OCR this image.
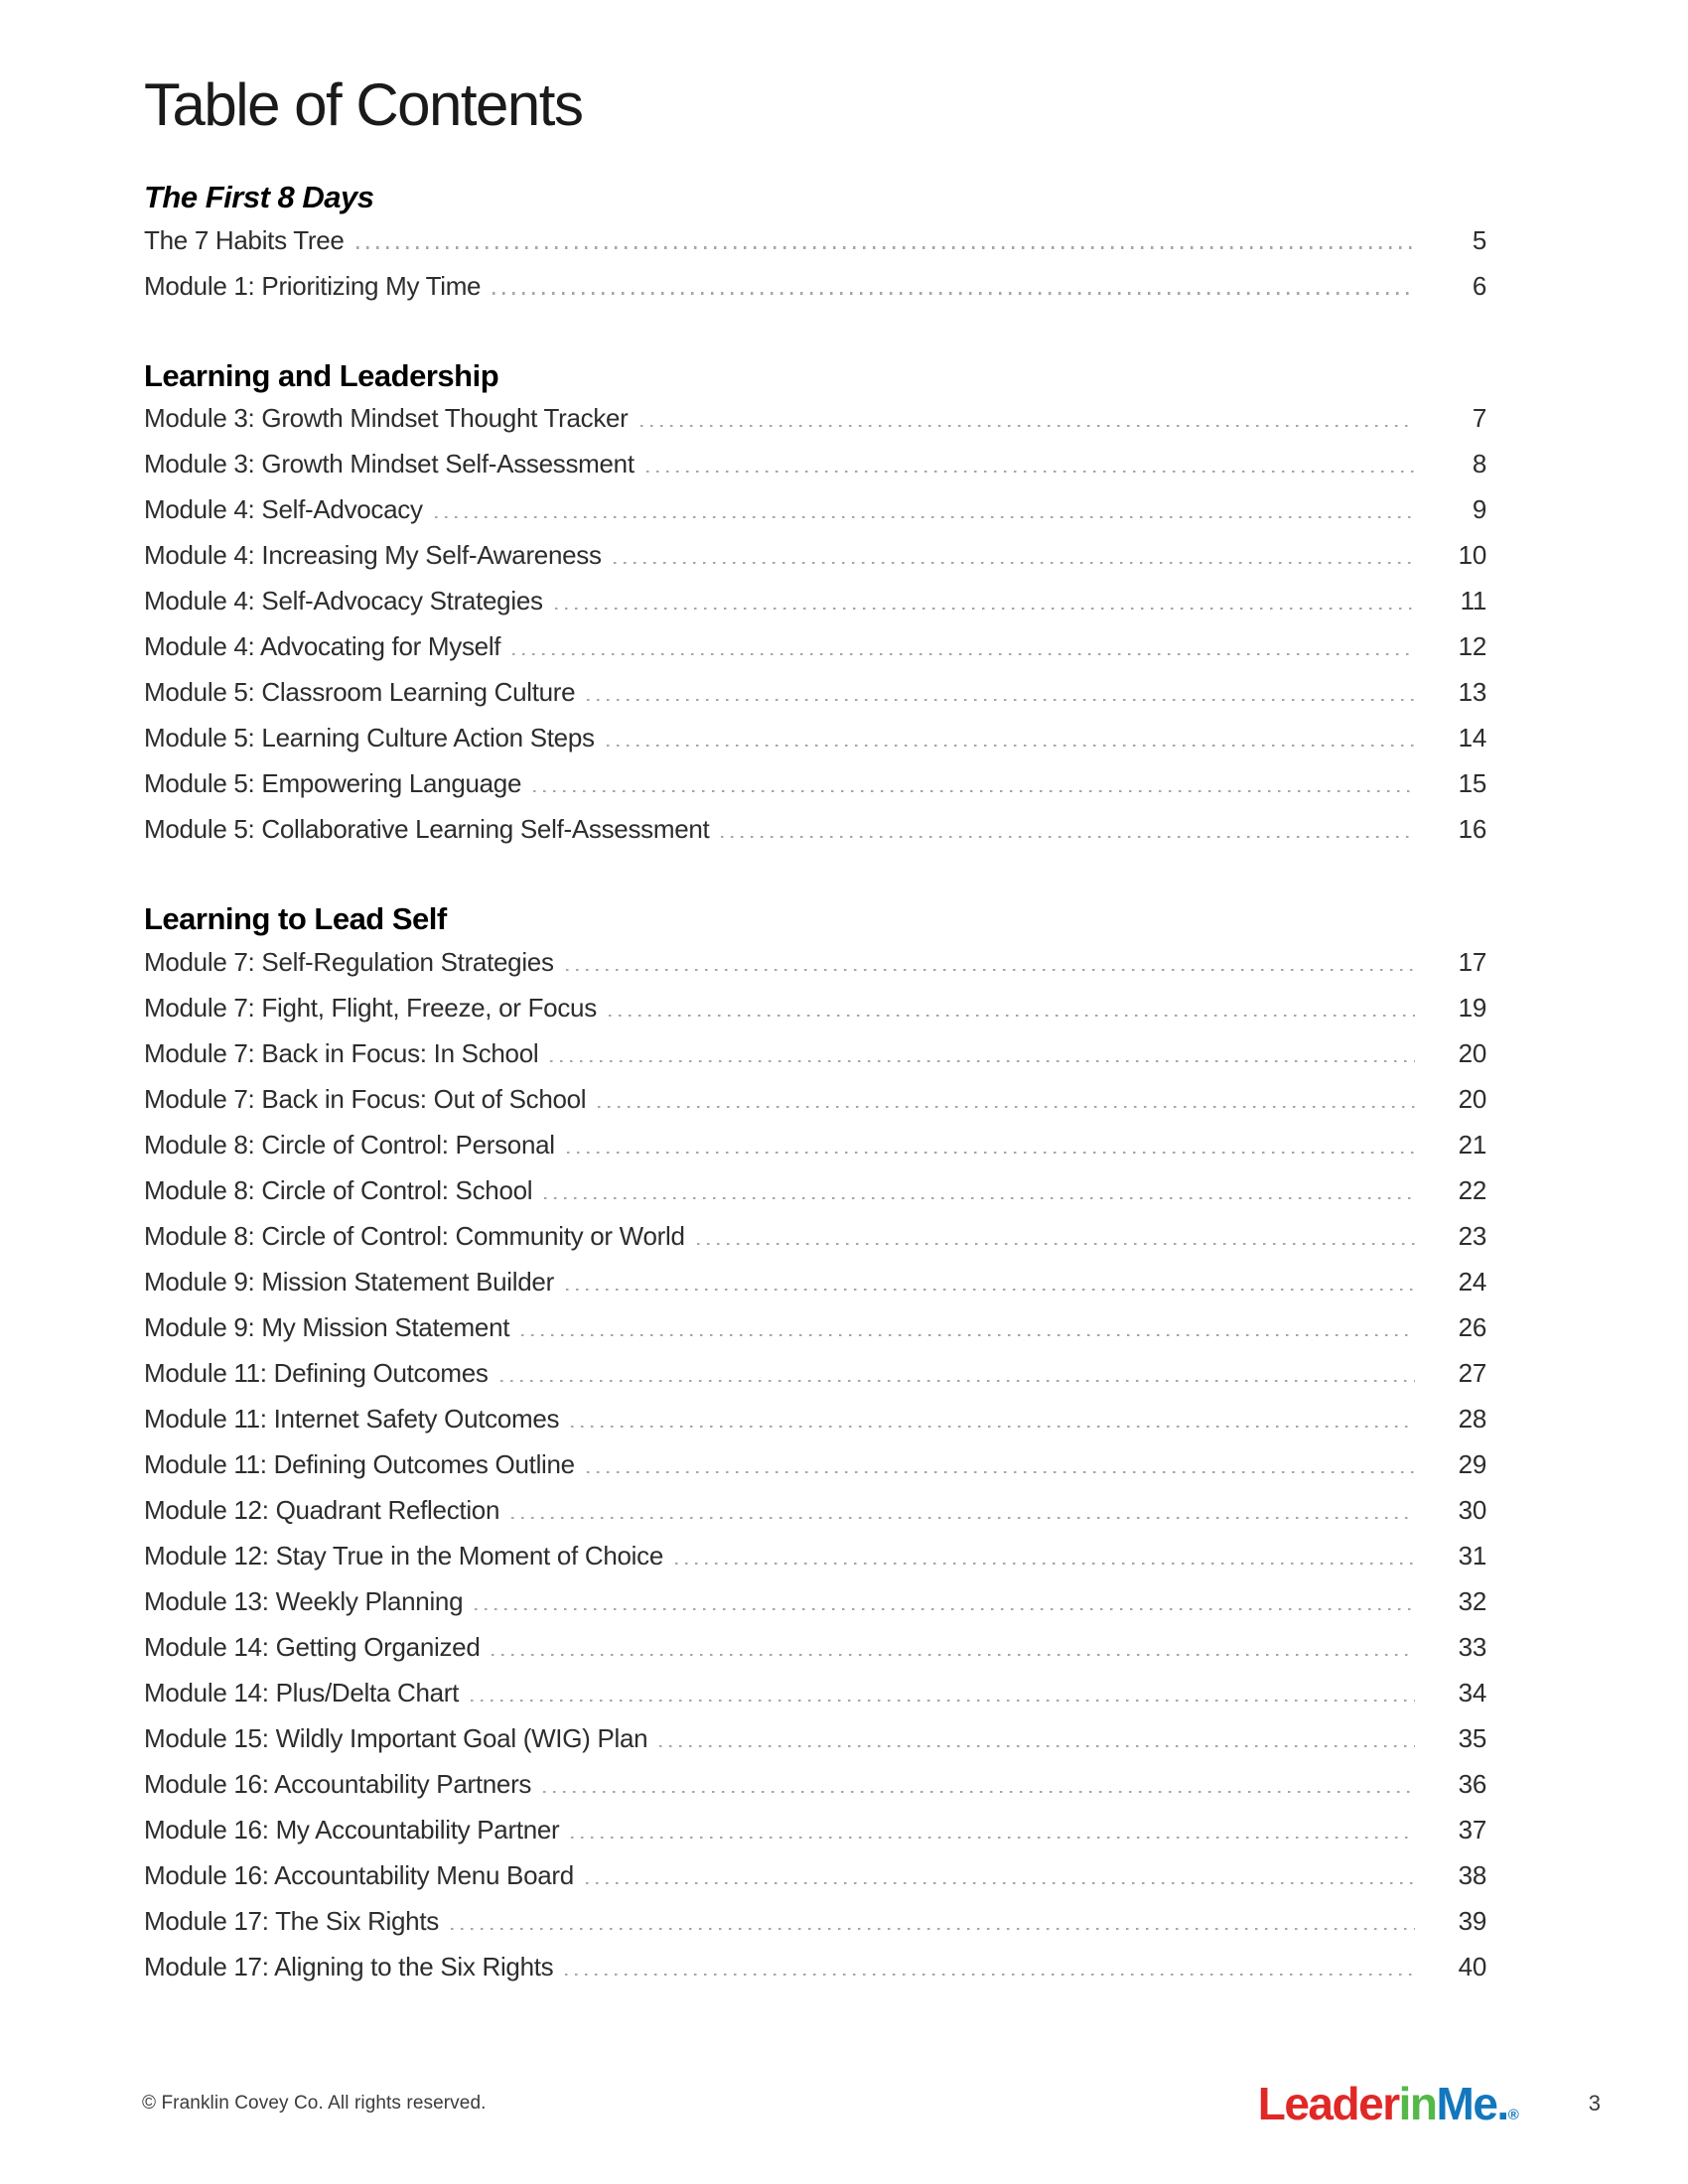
Table of Contents
The First 8 Days
The 7 Habits Tree	5
Module 1: Prioritizing My Time	6
Learning and Leadership
Module 3: Growth Mindset Thought Tracker	7
Module 3: Growth Mindset Self-Assessment	8
Module 4: Self-Advocacy	9
Module 4: Increasing My Self-Awareness	10
Module 4: Self-Advocacy Strategies	11
Module 4: Advocating for Myself	12
Module 5: Classroom Learning Culture	13
Module 5: Learning Culture Action Steps	14
Module 5: Empowering Language	15
Module 5: Collaborative Learning Self-Assessment	16
Learning to Lead Self
Module 7: Self-Regulation Strategies	17
Module 7: Fight, Flight, Freeze, or Focus	19
Module 7: Back in Focus: In School	20
Module 7: Back in Focus: Out of School	20
Module 8: Circle of Control: Personal	21
Module 8: Circle of Control: School	22
Module 8: Circle of Control: Community or World	23
Module 9: Mission Statement Builder	24
Module 9: My Mission Statement	26
Module 11: Defining Outcomes	27
Module 11: Internet Safety Outcomes	28
Module 11: Defining Outcomes Outline	29
Module 12: Quadrant Reflection	30
Module 12: Stay True in the Moment of Choice	31
Module 13: Weekly Planning	32
Module 14: Getting Organized	33
Module 14: Plus/Delta Chart	34
Module 15: Wildly Important Goal (WIG) Plan	35
Module 16: Accountability Partners	36
Module 16: My Accountability Partner	37
Module 16: Accountability Menu Board	38
Module 17: The Six Rights	39
Module 17: Aligning to the Six Rights	40
© Franklin Covey Co. All rights reserved.	LeaderinMe.®	3
